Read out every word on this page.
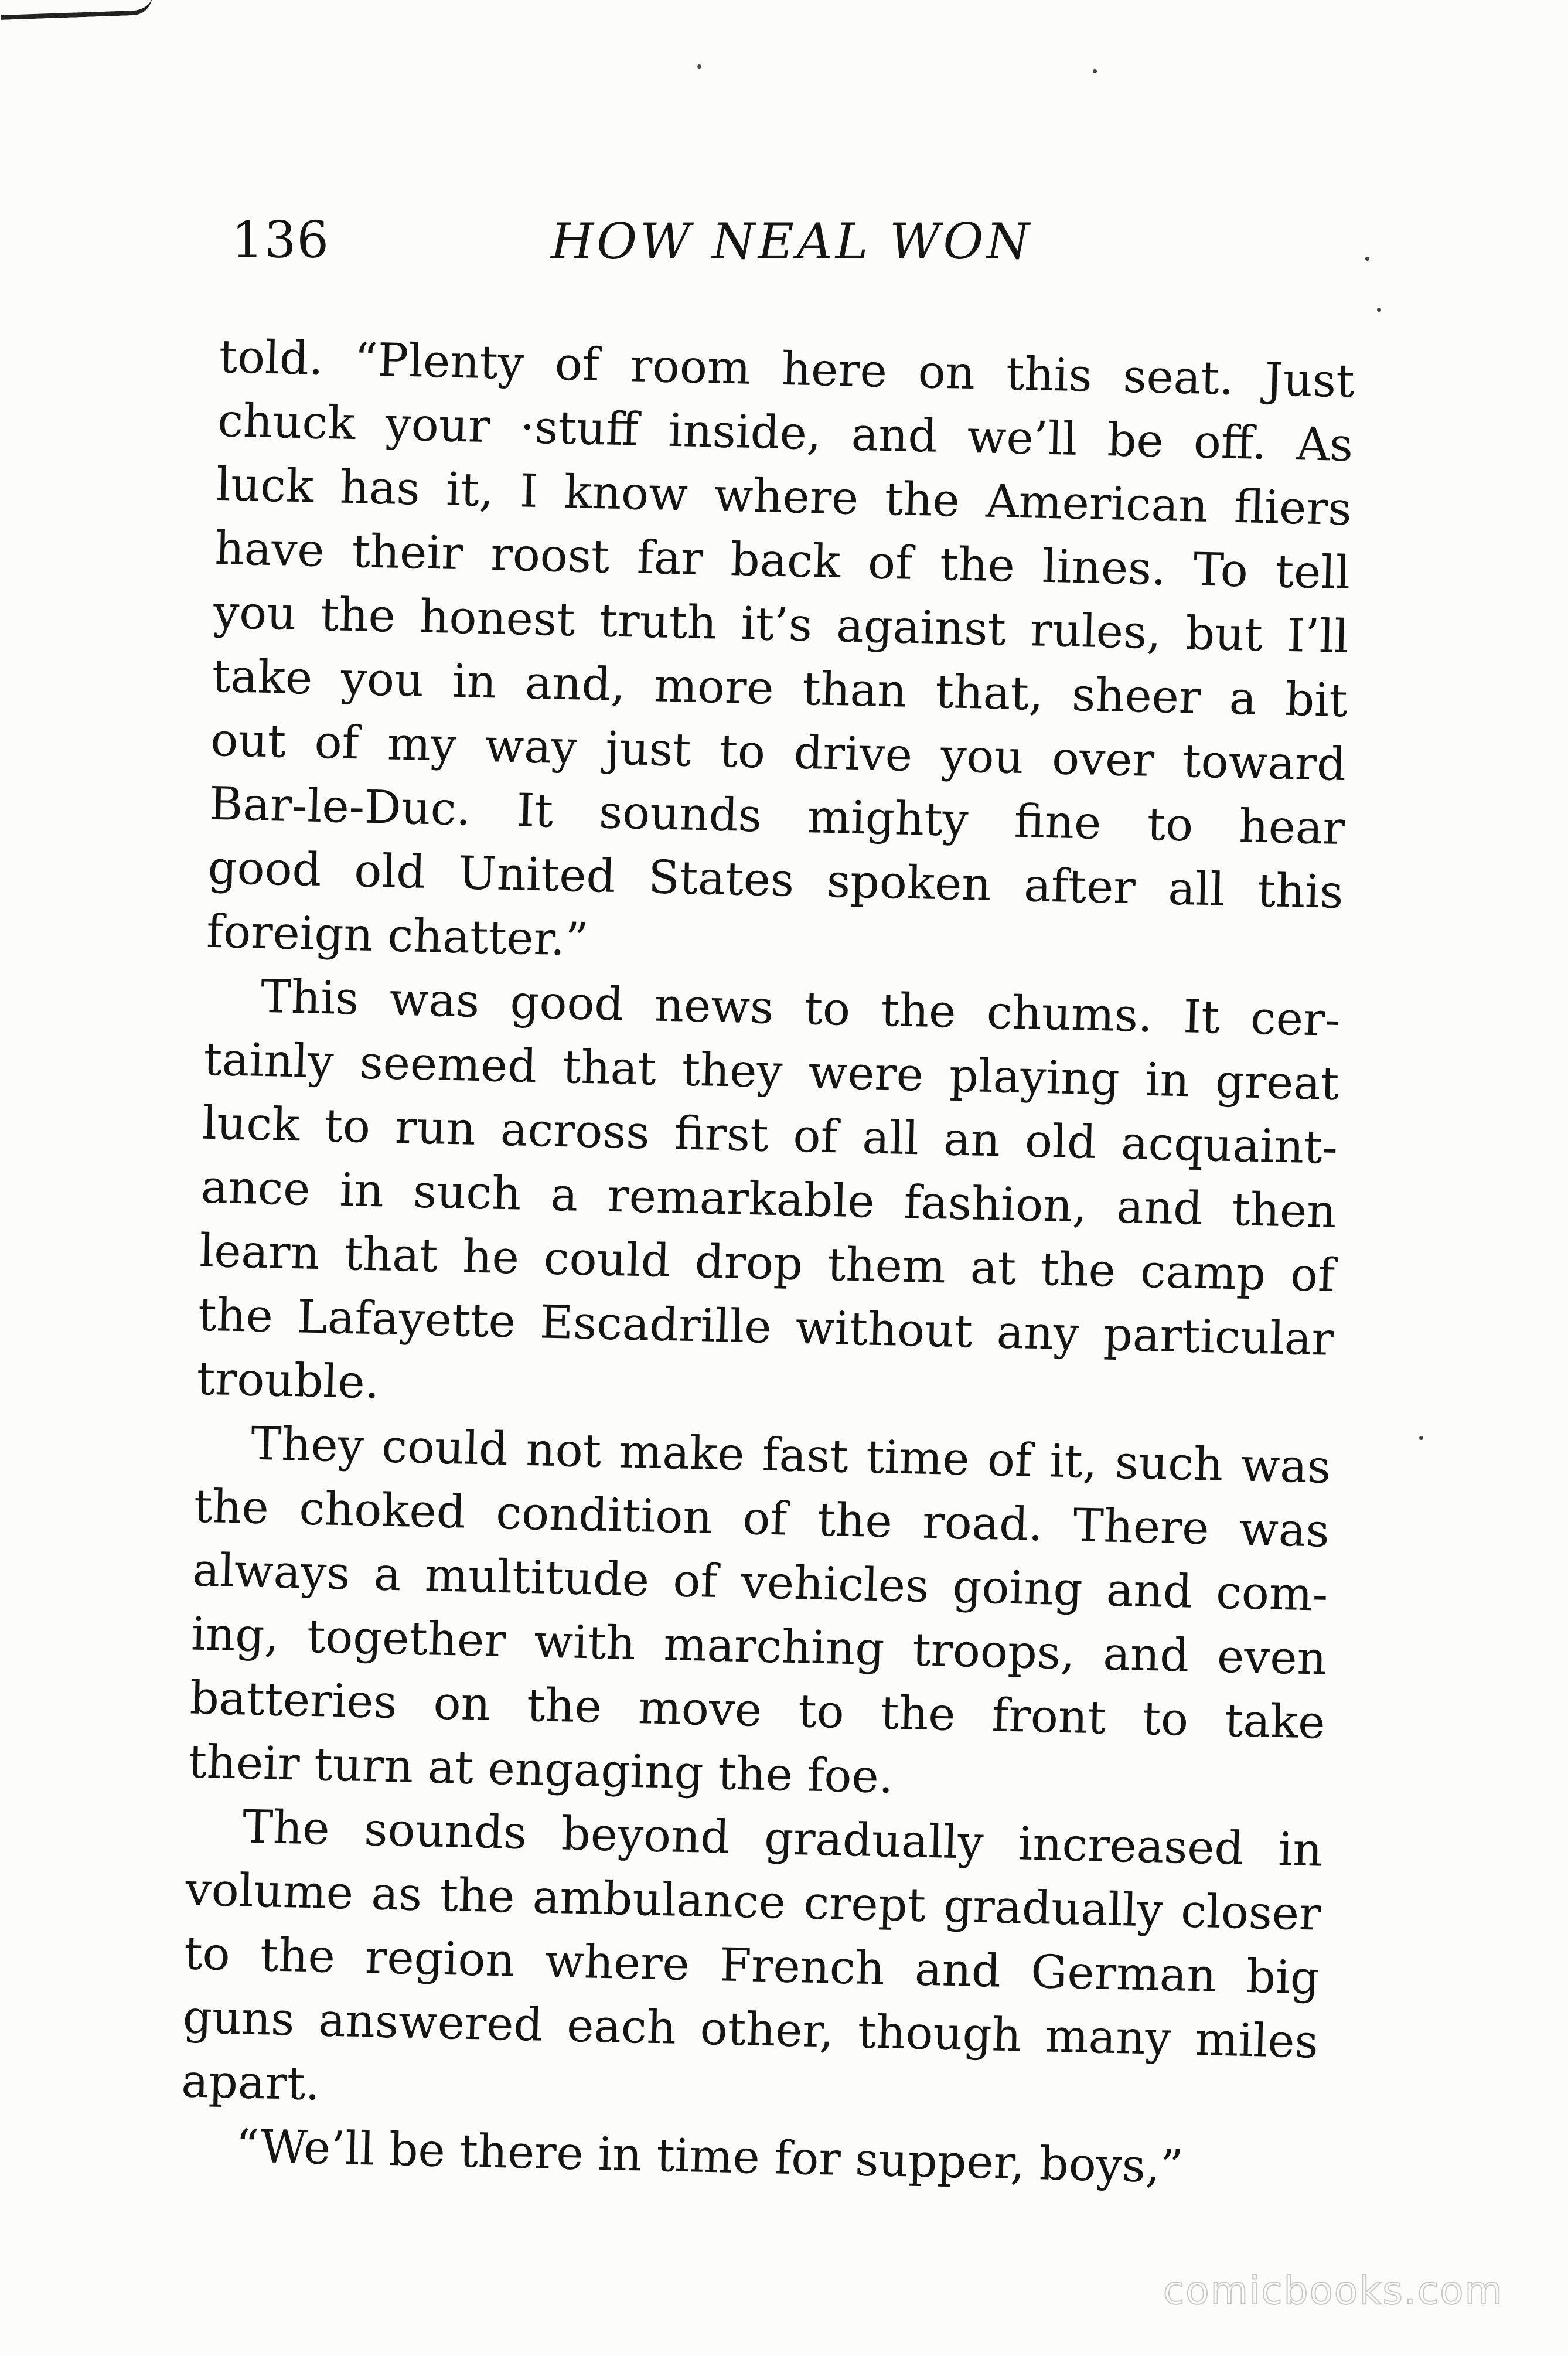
136	HOW NEAL WON
told. “Plenty of room here on this seat. Just
chuck your ·stuff inside, and we’ll be off. As
luck has it, I know where the American fliers
have their roost far back of the lines. To tell
you the honest truth it’s against rules, but I’ll
take you in and, more than that, sheer a bit
out of my way just to drive you over toward
Bar-le-Duc. It sounds mighty fine to hear
good old United States spoken after all this
foreign chatter.”
This was good news to the chums. It cer-
tainly seemed that they were playing in great
luck to run across first of all an old acquaint-
ance in such a remarkable fashion, and then
learn that he could drop them at the camp of
the Lafayette Escadrille without any particular
trouble.
They could not make fast time of it, such was
the choked condition of the road. There was
always a multitude of vehicles going and com-
ing, together with marching troops, and even
batteries on the move to the front to take
their turn at engaging the foe.
The sounds beyond gradually increased in
volume as the ambulance crept gradually closer
to the region where French and German big
guns answered each other, though many miles
apart.
“We’ll be there in time for supper, boys,”
comicbooks.com
